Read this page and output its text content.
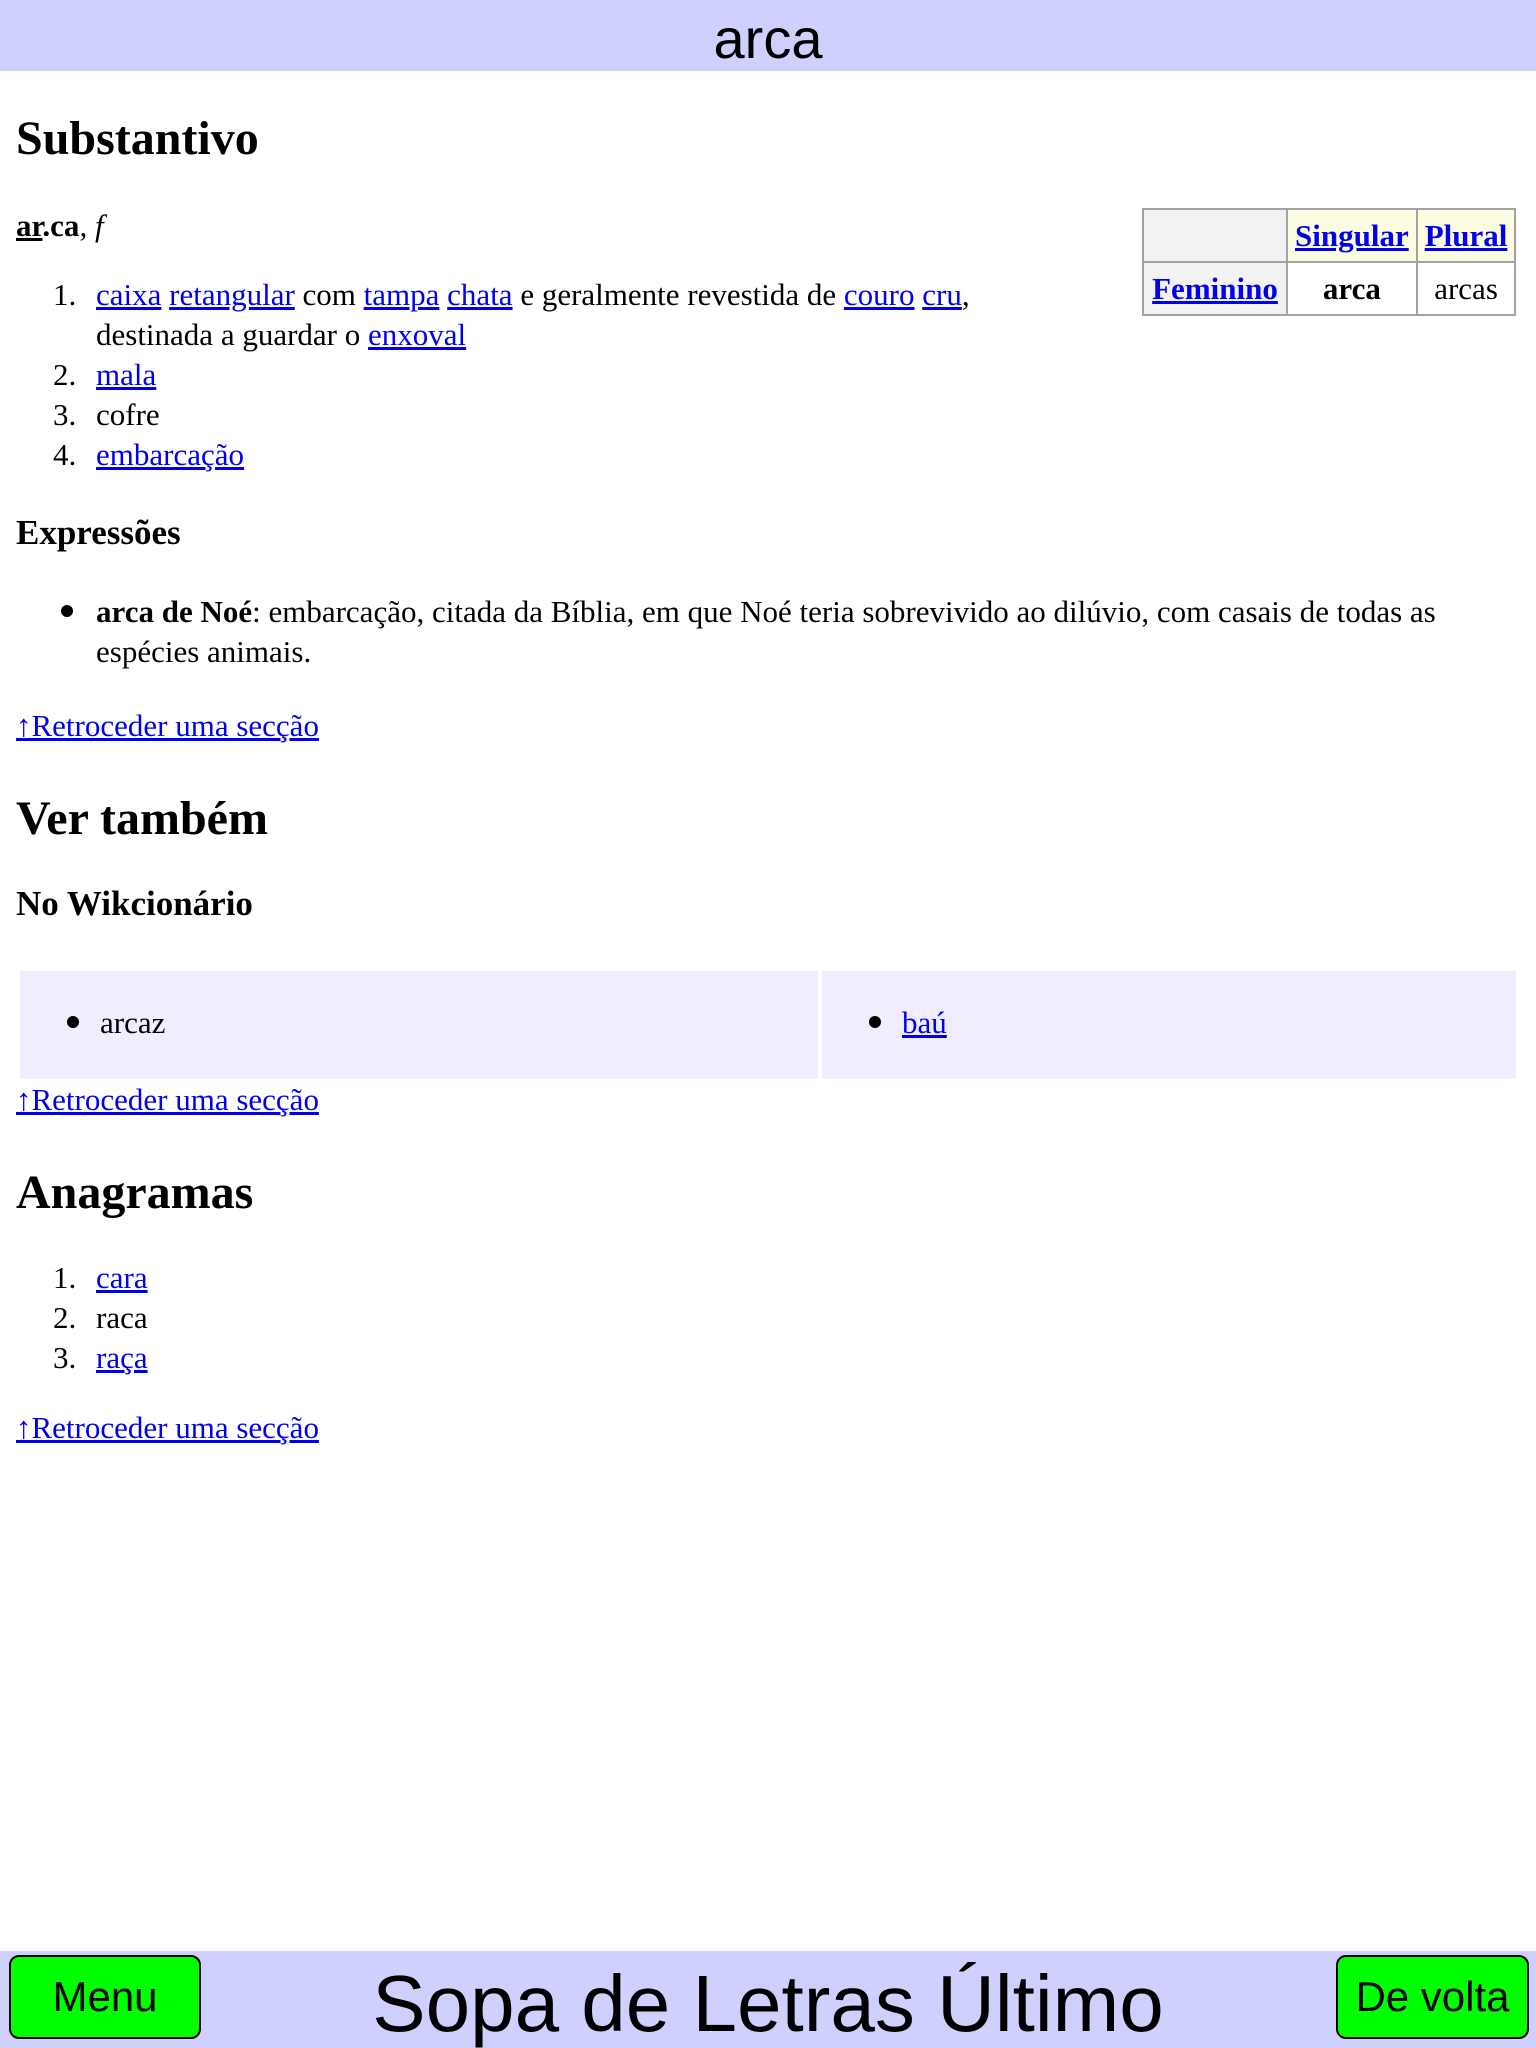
arca
Substantivo
ar.ca, f
		Singular	Plural
Feminino	arca	arcas
1. caixa retangular com tampa chata e geralmente revestida de couro cru,
destinada a guardar o enxoval
2. mala
3. cofre
4. embarcação
Expressões
arca de Noé: embarcação, citada da Bíblia, em que Noé teria sobrevivido ao dilúvio, com casais de todas as espécies animais.
↑Retroceder uma secção
Ver também
No Wikcionário
arcaz	baú
↑Retroceder uma secção
Anagramas
1. cara
2. raca
3. raça
↑Retroceder uma secção
Menu	Sopa de Letras Último	De volta
